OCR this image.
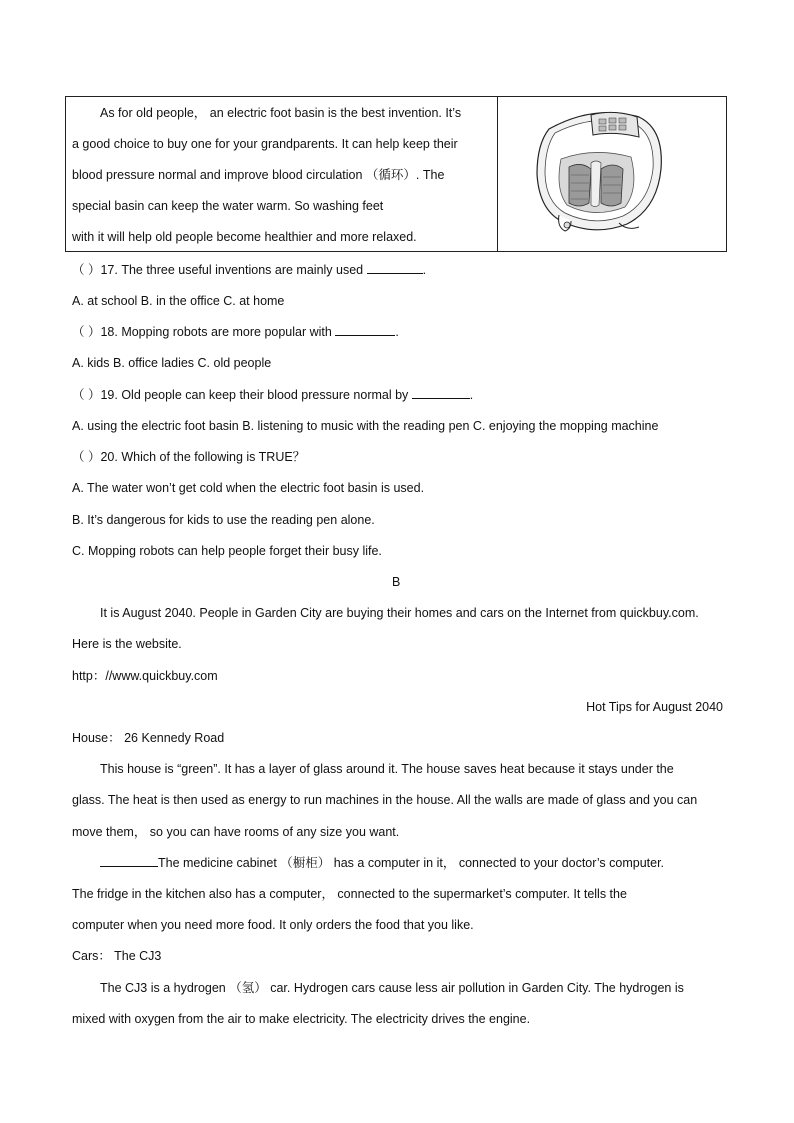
As for old people， an electric foot basin is the best invention. It’s
a good choice to buy one for your grandparents. It can help keep their
blood pressure normal and improve blood circulation （循环）. The
special basin can keep the water warm. So washing feet
with it will help old people become healthier and more relaxed.
（ ）17. The three useful inventions are mainly used	.
A. at school B. in the office C. at home
（ ）18. Mopping robots are more popular with	.
A. kids B. office ladies C. old people
（ ）19. Old people can keep their blood pressure normal by	.
A. using the electric foot basin B. listening to music with the reading pen C. enjoying the mopping machine
（ ）20. Which of the following is TRUE？
A. The water won’t get cold when the electric foot basin is used.
B. It’s dangerous for kids to use the reading pen alone.
C. Mopping robots can help people forget their busy life.
B
It is August 2040. People in Garden City are buying their homes and cars on the Internet from quickbuy.com.
Here is the website.
http：//www.quickbuy.com
Hot Tips for August 2040
House： 26 Kennedy Road
This house is “green”. It has a layer of glass around it. The house saves heat because it stays under the
glass. The heat is then used as energy to run machines in the house. All the walls are made of glass and you can
move them， so you can have rooms of any size you want.
The medicine cabinet （橱柜） has a computer in it， connected to your doctor’s computer.
The fridge in the kitchen also has a computer， connected to the supermarket’s computer. It tells the
computer when you need more food. It only orders the food that you like.
Cars： The CJ3
The CJ3 is a hydrogen （氢） car. Hydrogen cars cause less air pollution in Garden City. The hydrogen is
mixed with oxygen from the air to make electricity. The electricity drives the engine.
